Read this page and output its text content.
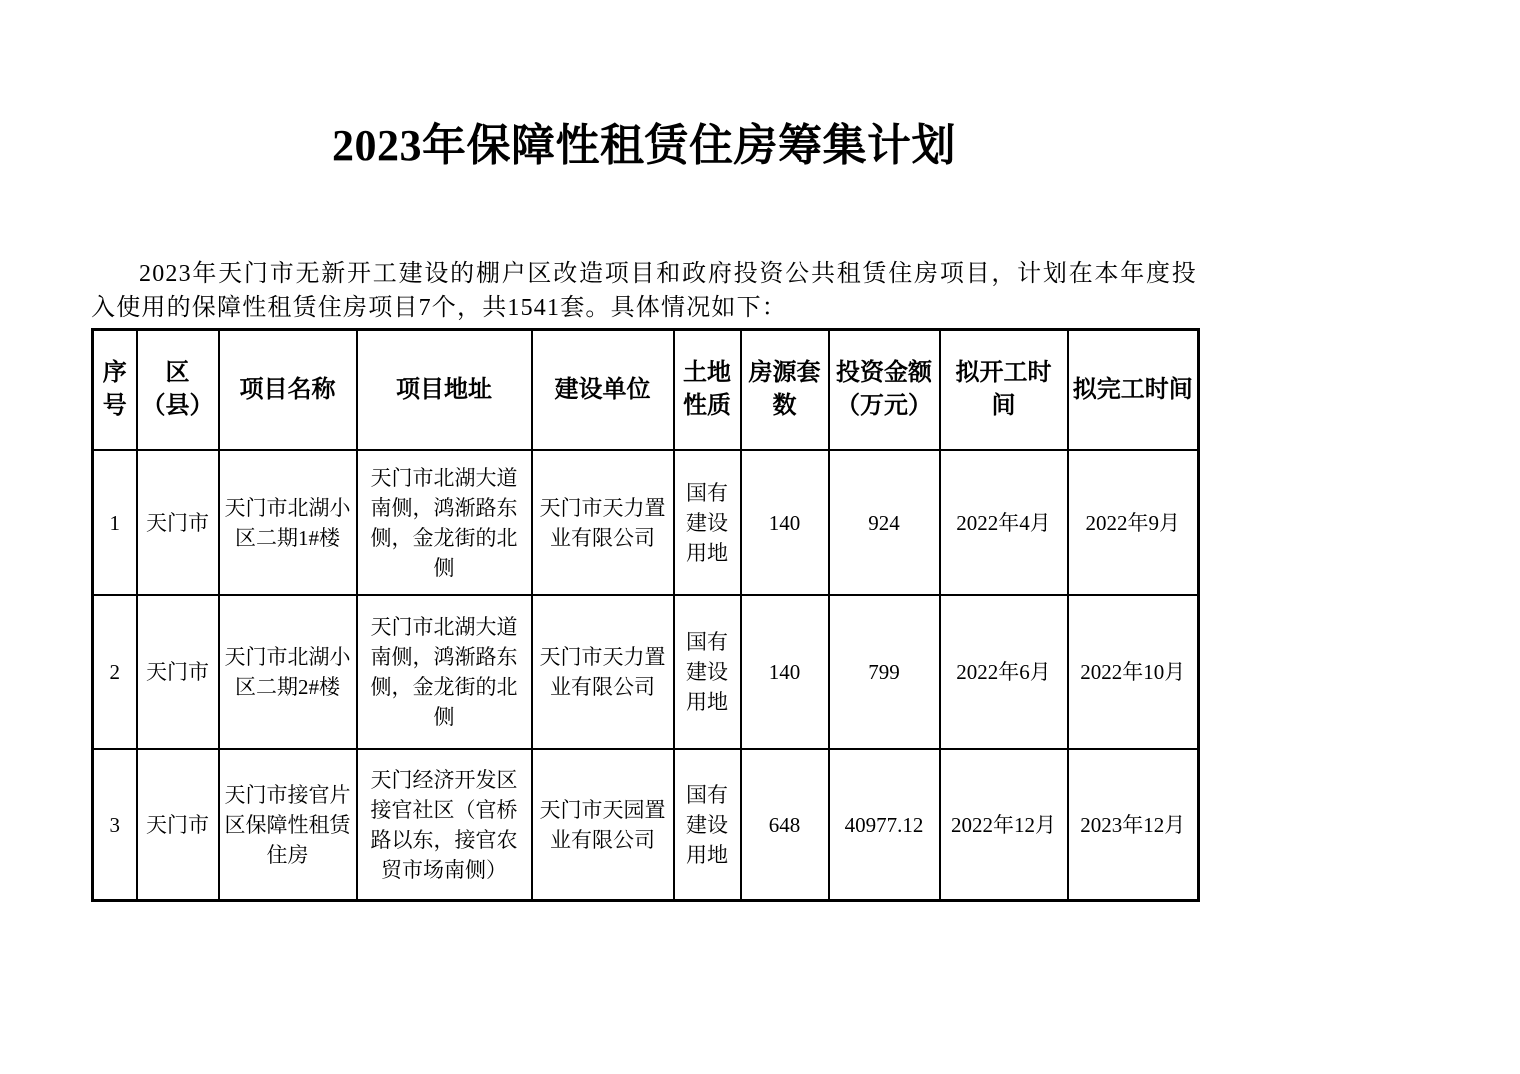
2023年保障性租赁住房筹集计划

2023年天门市无新开工建设的棚户区改造项目和政府投资公共租赁住房项目，计划在本年度投入使用的保障性租赁住房项目7个，共1541套。具体情况如下：

序号	区（县）	项目名称	项目地址	建设单位	土地性质	房源套数	投资金额（万元）	拟开工时间	拟完工时间
1	天门市	天门市北湖小区二期1#楼	天门市北湖大道南侧，鸿渐路东侧，金龙街的北侧	天门市天力置业有限公司	国有建设用地	140	924	2022年4月	2022年9月
2	天门市	天门市北湖小区二期2#楼	天门市北湖大道南侧，鸿渐路东侧，金龙街的北侧	天门市天力置业有限公司	国有建设用地	140	799	2022年6月	2022年10月
3	天门市	天门市接官片区保障性租赁住房	天门经济开发区接官社区（官桥路以东，接官农贸市场南侧）	天门市天园置业有限公司	国有建设用地	648	40977.12	2022年12月	2023年12月
